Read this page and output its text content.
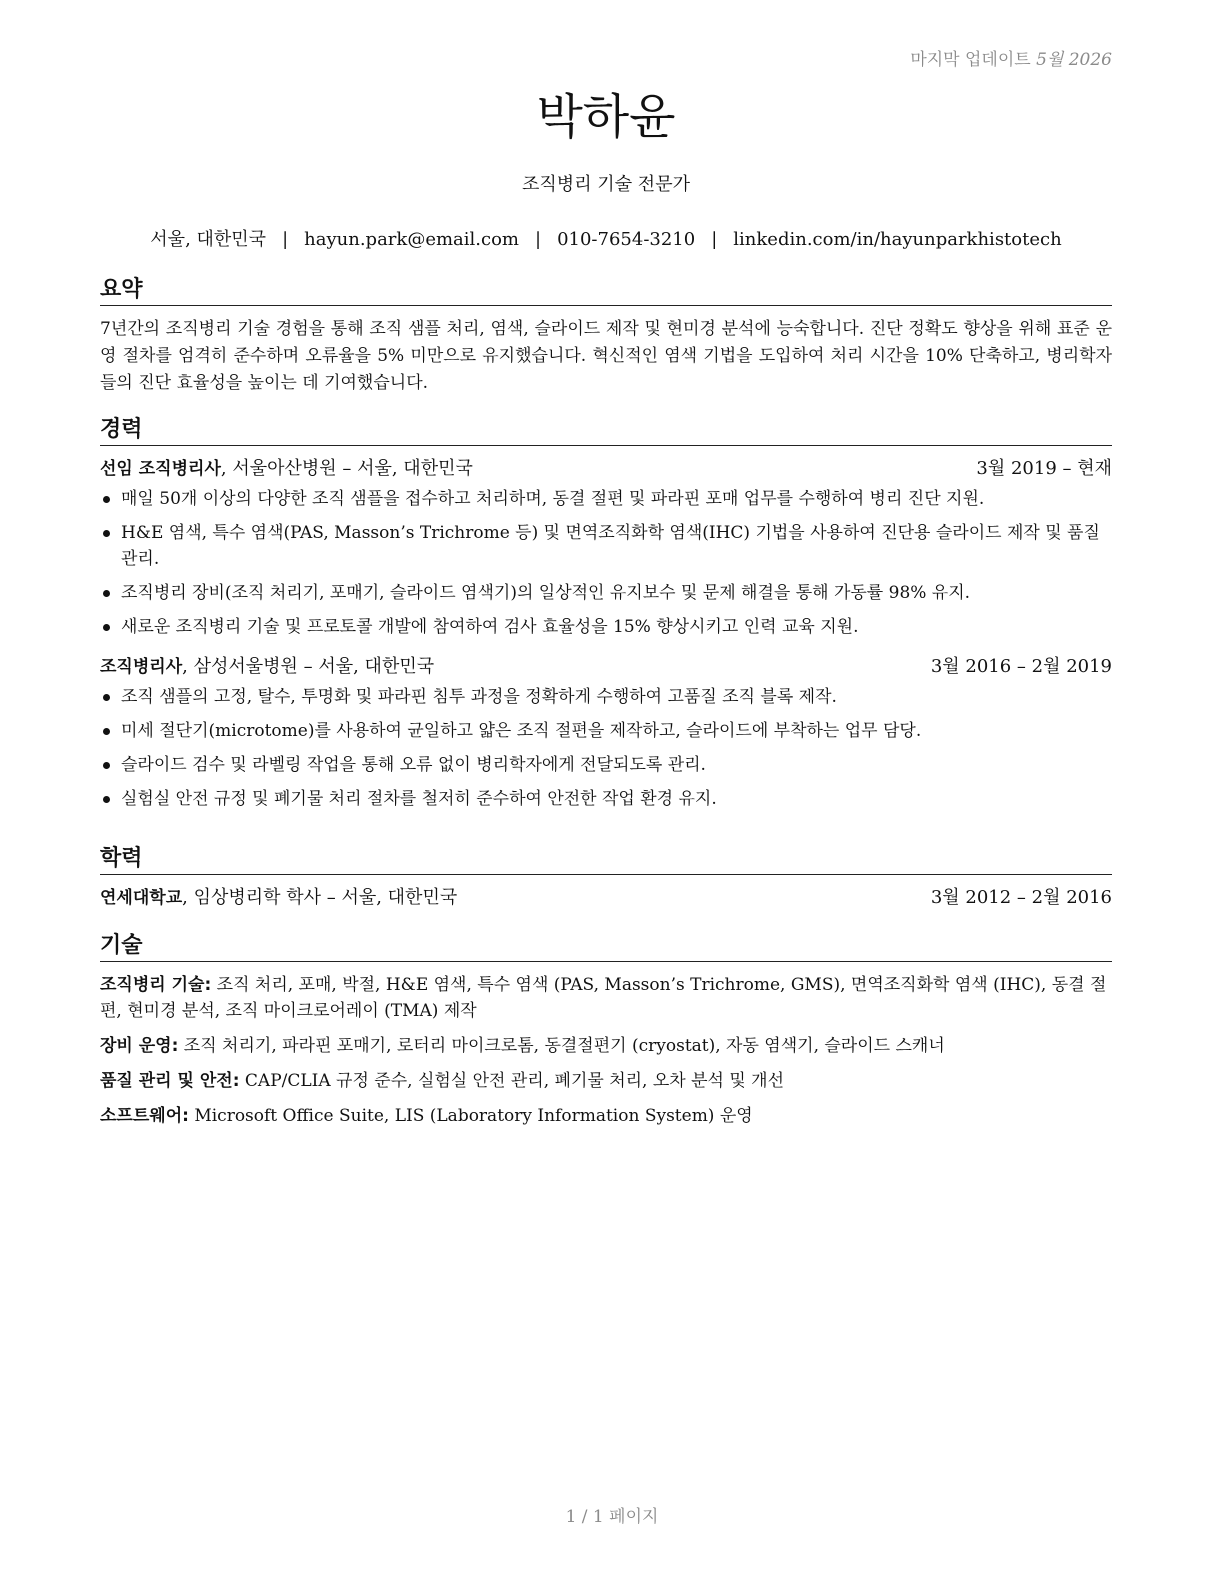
마지막 업데이트 5월 2026
박하윤
조직병리 기술 전문가
서울, 대한민국 | hayun.park@email.com | 010-7654-3210 | linkedin.com/in/hayunparkhistotech
요약

7년간의 조직병리 기술 경험을 통해 조직 샘플 처리, 염색, 슬라이드 제작 및 현미경 분석에 능숙합니다. 진단 정확도 향상을 위해 표준 운영 절차를 엄격히 준수하며 오류율을 5% 미만으로 유지했습니다. 혁신적인 염색 기법을 도입하여 처리 시간을 10% 단축하고, 병리학자들의 진단 효율성을 높이는 데 기여했습니다.

경력
선임 조직병리사, 서울아산병원 – 서울, 대한민국	3월 2019 – 현재
매일 50개 이상의 다양한 조직 샘플을 접수하고 처리하며, 동결 절편 및 파라핀 포매 업무를 수행하여 병리 진단 지원.
H&E 염색, 특수 염색(PAS, Masson’s Trichrome 등) 및 면역조직화학 염색(IHC) 기법을 사용하여 진단용 슬라이드 제작 및 품질 관리.
조직병리 장비(조직 처리기, 포매기, 슬라이드 염색기)의 일상적인 유지보수 및 문제 해결을 통해 가동률 98% 유지.
새로운 조직병리 기술 및 프로토콜 개발에 참여하여 검사 효율성을 15% 향상시키고 인력 교육 지원.
조직병리사, 삼성서울병원 – 서울, 대한민국	3월 2016 – 2월 2019
조직 샘플의 고정, 탈수, 투명화 및 파라핀 침투 과정을 정확하게 수행하여 고품질 조직 블록 제작.
미세 절단기(microtome)를 사용하여 균일하고 얇은 조직 절편을 제작하고, 슬라이드에 부착하는 업무 담당.
슬라이드 검수 및 라벨링 작업을 통해 오류 없이 병리학자에게 전달되도록 관리.
실험실 안전 규정 및 폐기물 처리 절차를 철저히 준수하여 안전한 작업 환경 유지.
학력
연세대학교, 임상병리학 학사 – 서울, 대한민국	3월 2012 – 2월 2016
기술
조직병리 기술: 조직 처리, 포매, 박절, H&E 염색, 특수 염색 (PAS, Masson’s Trichrome, GMS), 면역조직화학 염색 (IHC), 동결 절편, 현미경 분석, 조직 마이크로어레이 (TMA) 제작
장비 운영: 조직 처리기, 파라핀 포매기, 로터리 마이크로톰, 동결절편기 (cryostat), 자동 염색기, 슬라이드 스캐너
품질 관리 및 안전: CAP/CLIA 규정 준수, 실험실 안전 관리, 폐기물 처리, 오차 분석 및 개선
소프트웨어: Microsoft Office Suite, LIS (Laboratory Information System) 운영
1 / 1 페이지
